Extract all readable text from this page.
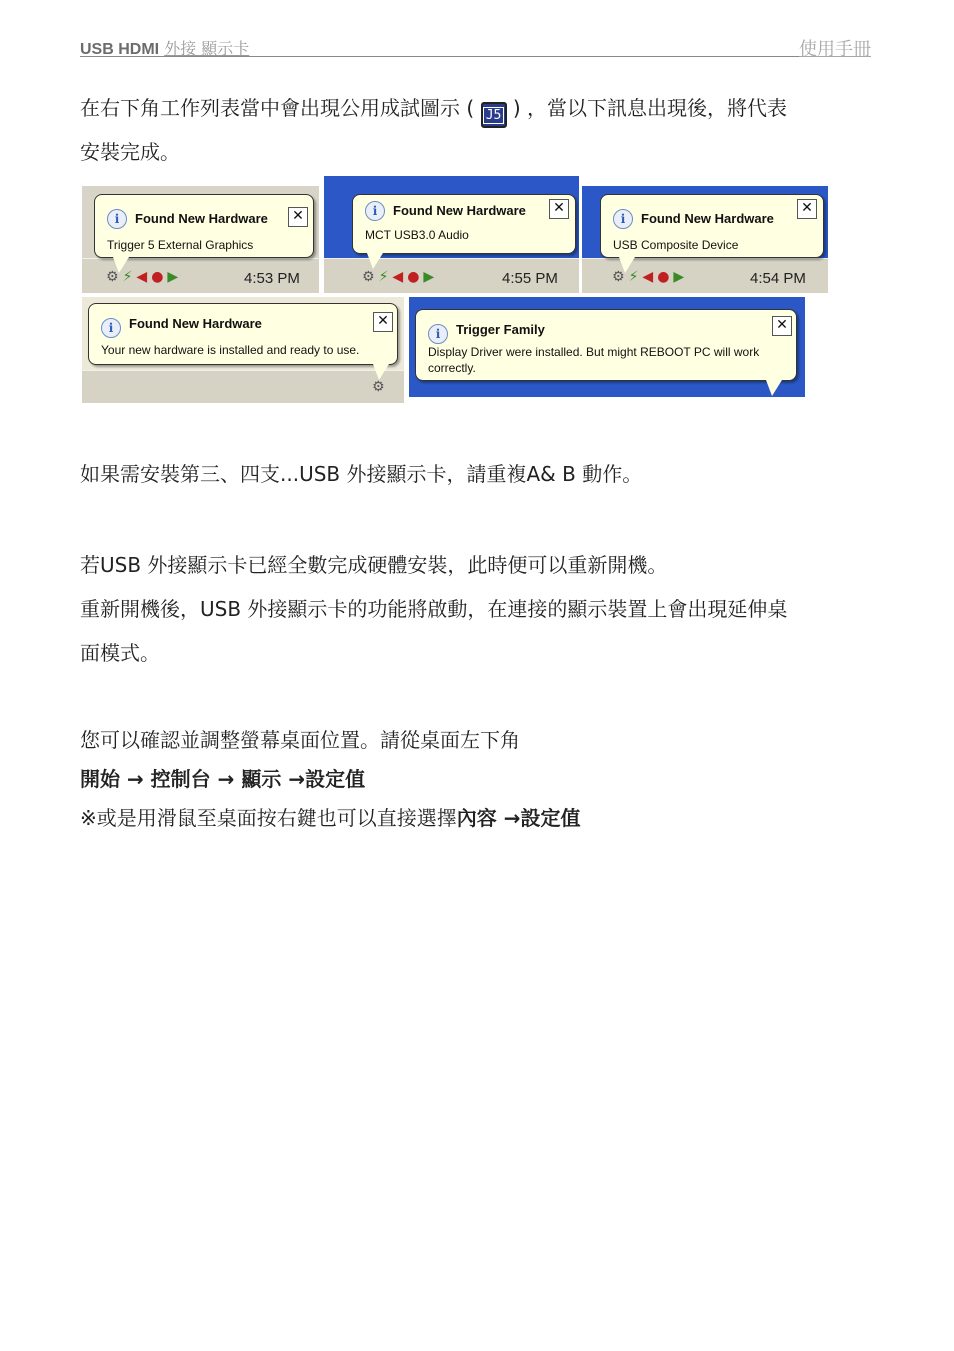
USB HDMI 外接 顯示卡	使用手冊
在右下角工作列表當中會出現公用成試圖示 ( J5 ) ，當以下訊息出現後，將代表
安裝完成。
⚙⚡◀●▶	4:53 PM
i	Found New Hardware ✕
Trigger 5 External Graphics
⚙⚡◀●▶	4:55 PM
i	Found New Hardware ✕
MCT USB3.0 Audio
⚙⚡◀●▶	4:54 PM
i	Found New Hardware
✕
USB Composite Device
⚙
i	Found New Hardware	✕
Your new hardware is installed and ready to use.
i	Trigger Family	✕
Display Driver were installed. But might REBOOT PC will work
correctly.
如果需安裝第三、四支...USB 外接顯示卡，請重複A& B 動作。
若USB 外接顯示卡已經全數完成硬體安裝，此時便可以重新開機。
重新開機後，USB 外接顯示卡的功能將啟動，在連接的顯示裝置上會出現延伸桌
面模式。
您可以確認並調整螢幕桌面位置。請從桌面左下角
開始 → 控制台 → 顯示 →設定值
※或是用滑鼠至桌面按右鍵也可以直接選擇內容 →設定值
